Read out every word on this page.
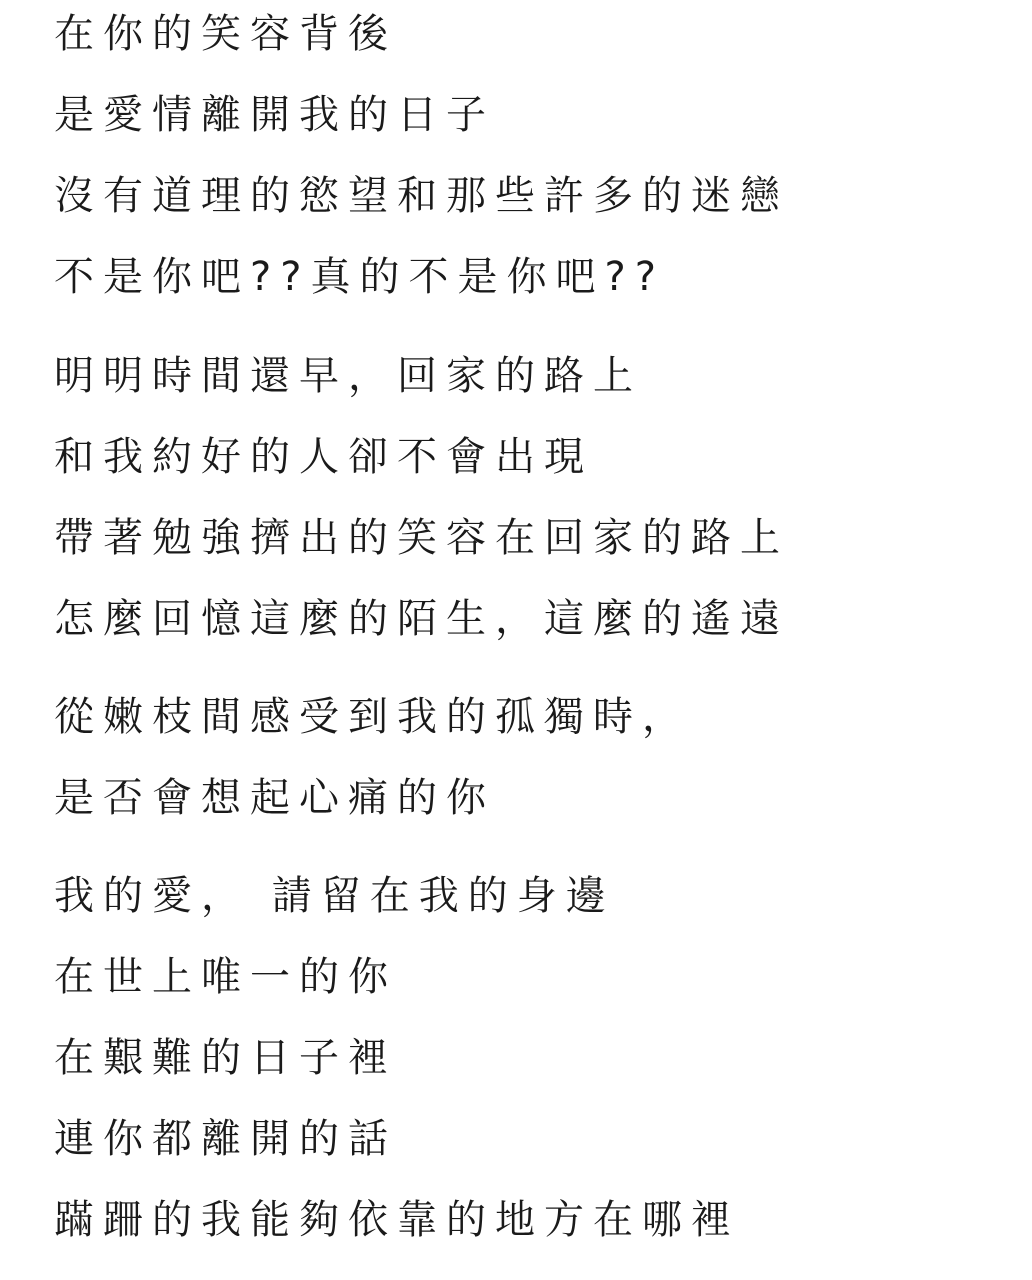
在你的笑容背後
是愛情離開我的日子
沒有道理的慾望和那些許多的迷戀
不是你吧??真的不是你吧??
明明時間還早，回家的路上
和我約好的人卻不會出現
帶著勉強擠出的笑容在回家的路上
怎麼回憶這麼的陌生，這麼的遙遠
從嫩枝間感受到我的孤獨時，
是否會想起心痛的你
我的愛， 請留在我的身邊
在世上唯一的你
在艱難的日子裡
連你都離開的話
蹣跚的我能夠依靠的地方在哪裡
